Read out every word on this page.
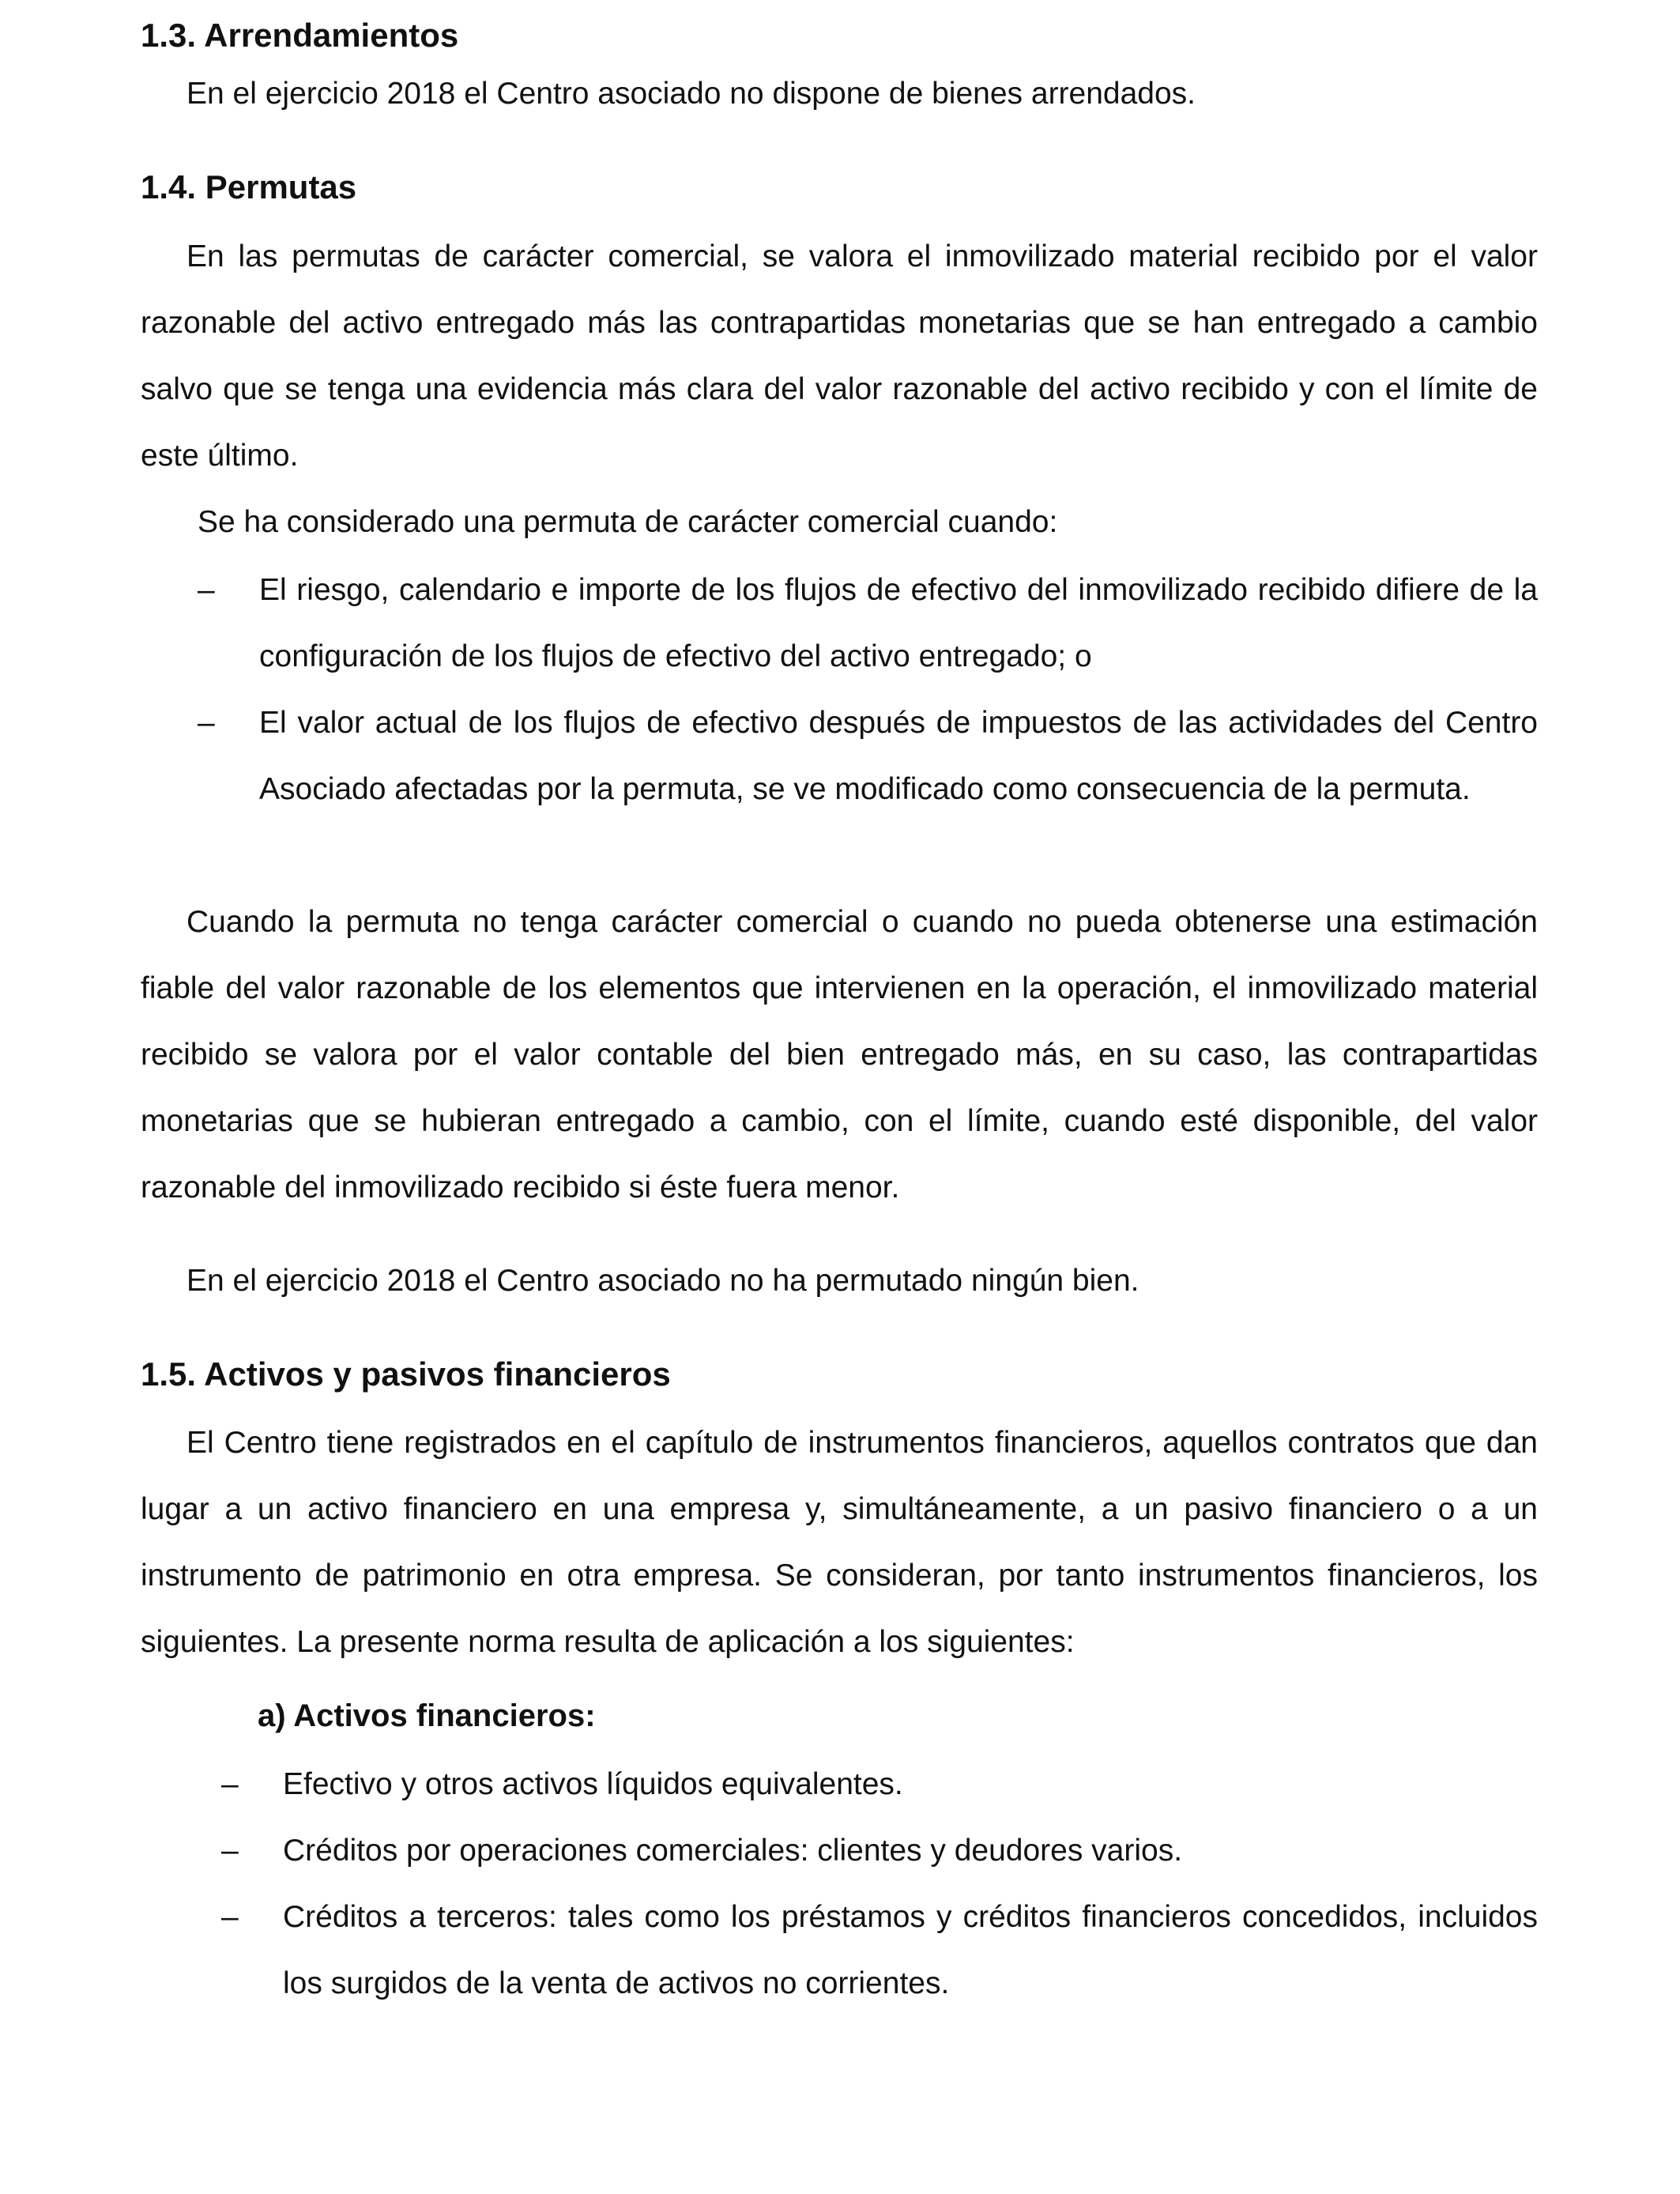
1.3. Arrendamientos
En el ejercicio 2018 el Centro asociado no dispone de bienes arrendados.
1.4. Permutas
En las permutas de carácter comercial, se valora el inmovilizado material recibido por el valor razonable del activo entregado más las contrapartidas monetarias que se han entregado a cambio salvo que se tenga una evidencia más clara del valor razonable del activo recibido y con el límite de este último.
Se ha considerado una permuta de carácter comercial cuando:
–	El riesgo, calendario e importe de los flujos de efectivo del inmovilizado recibido difiere de la configuración de los flujos de efectivo del activo entregado; o
–	El valor actual de los flujos de efectivo después de impuestos de las actividades del Centro Asociado afectadas por la permuta, se ve modificado como consecuencia de la permuta.
Cuando la permuta no tenga carácter comercial o cuando no pueda obtenerse una estimación fiable del valor razonable de los elementos que intervienen en la operación, el inmovilizado material recibido se valora por el valor contable del bien entregado más, en su caso, las contrapartidas monetarias que se hubieran entregado a cambio, con el límite, cuando esté disponible, del valor razonable del inmovilizado recibido si éste fuera menor.
En el ejercicio 2018 el Centro asociado no ha permutado ningún bien.
1.5. Activos y pasivos financieros
El Centro tiene registrados en el capítulo de instrumentos financieros, aquellos contratos que dan lugar a un activo financiero en una empresa y, simultáneamente, a un pasivo financiero o a un instrumento de patrimonio en otra empresa. Se consideran, por tanto instrumentos financieros, los siguientes. La presente norma resulta de aplicación a los siguientes:
a) Activos financieros:
–	Efectivo y otros activos líquidos equivalentes.
–	Créditos por operaciones comerciales: clientes y deudores varios.
–	Créditos a terceros: tales como los préstamos y créditos financieros concedidos, incluidos los surgidos de la venta de activos no corrientes.
